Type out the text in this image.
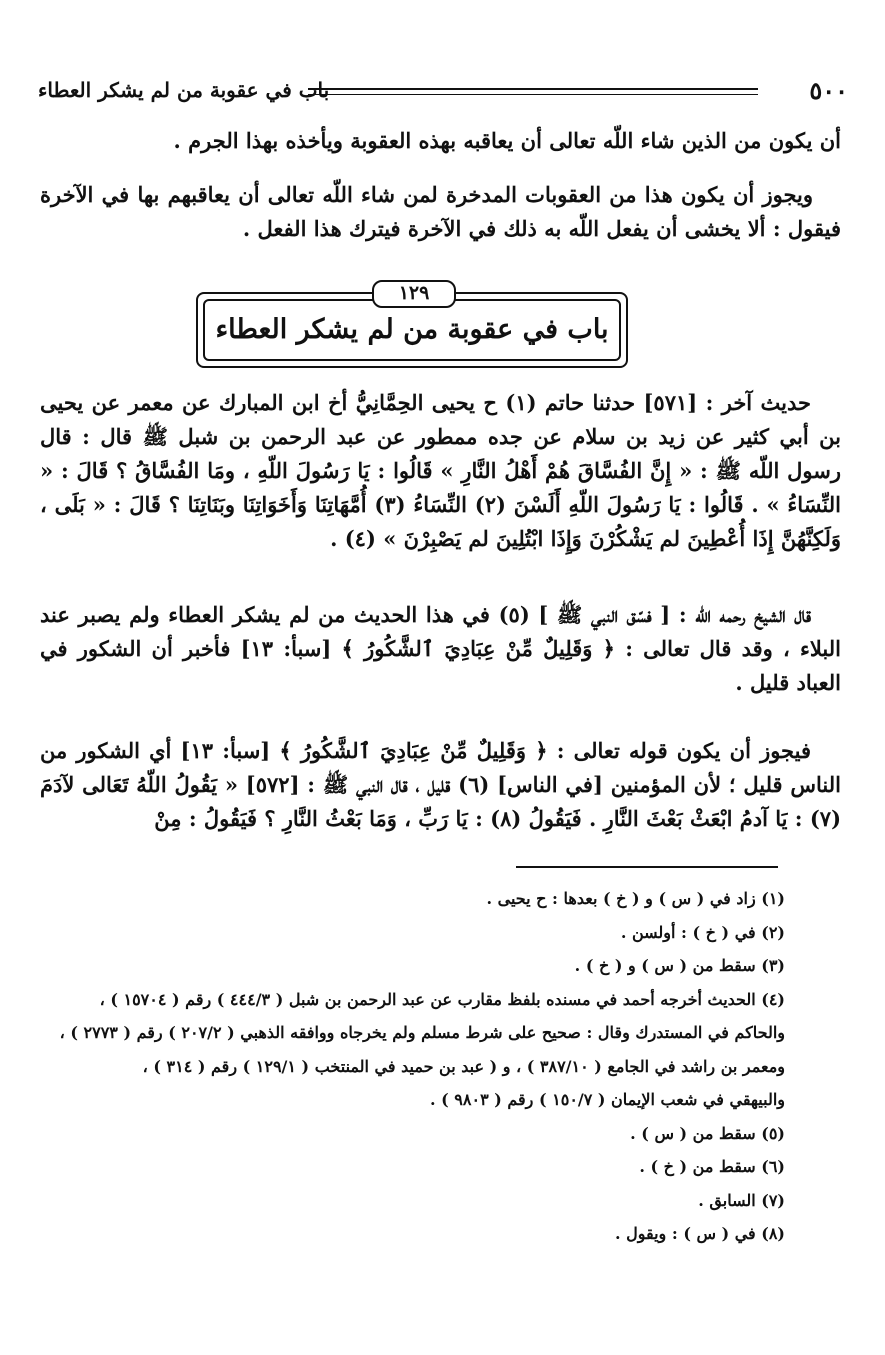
٥٠٠
باب في عقوبة من لم يشكر العطاء
أن يكون من الذين شاء اللّه تعالى أن يعاقبه بهذه العقوبة ويأخذه بهذا الجرم .
ويجوز أن يكون هذا من العقوبات المدخرة لمن شاء اللّه تعالى أن يعاقبهم بها في الآخرة فيقول : ألا يخشى أن يفعل اللّه به ذلك في الآخرة فيترك هذا الفعل .
١٢٩
باب في عقوبة من لم يشكر العطاء
حديث آخر : [٥٧١] حدثنا حاتم (١) ح يحيى الحِمَّانِيُّ أخ ابن المبارك عن معمر عن يحيى بن أبي كثير عن زيد بن سلام عن جده ممطور عن عبد الرحمن بن شبل ﷺ قال : قال رسول اللّه ﷺ : « إِنَّ الفُسَّاقَ هُمْ أَهْلُ النَّارِ » قَالُوا : يَا رَسُولَ اللّهِ ، ومَا الفُسَّاقُ ؟ قَالَ : « النِّسَاءُ » . قَالُوا : يَا رَسُولَ اللّهِ أَلَسْنَ (٢) النِّسَاءُ (٣) أُمَّهَاتِنَا وَأَخَوَاتِنَا وبَنَاتِنَا ؟ قَالَ : « بَلَى ، وَلَكِنَّهُنَّ إِذَا أُعْطِينَ لم يَشْكُرْنَ وَإِذَا ابْتُلِينَ لم يَصْبِرْنَ » (٤) .
قال الشيخ رحمه الله : [ فسّق النبي ﷺ ] (٥) في هذا الحديث من لم يشكر العطاء ولم يصبر عند البلاء ، وقد قال تعالى : ﴿ وَقَلِيلٌ مِّنْ عِبَادِيَ ٱلشَّكُورُ ﴾ [سبأ: ١٣] فأخبر أن الشكور في العباد قليل .
فيجوز أن يكون قوله تعالى : ﴿ وَقَلِيلٌ مِّنْ عِبَادِيَ ٱلشَّكُورُ ﴾ [سبأ: ١٣] أي الشكور من الناس قليل ؛ لأن المؤمنين [في الناس] (٦) قليل ، قال النبي ﷺ : [٥٧٢] « يَقُولُ اللّهُ تَعَالى لآدَمَ (٧) : يَا آدمُ ابْعَثْ بَعْثَ النَّارِ . فَيَقُولُ (٨) : يَا رَبِّ ، وَمَا بَعْثُ النَّارِ ؟ فَيَقُولُ : مِنْ
(١) زاد في ( س ) و ( خ ) بعدها : ح يحيى .
(٢) في ( خ ) : أولسن .
(٣) سقط من ( س ) و ( خ ) .
(٤) الحديث أخرجه أحمد في مسنده بلفظ مقارب عن عبد الرحمن بن شبل ( ٤٤٤/٣ ) رقم ( ١٥٧٠٤ ) ،
والحاكم في المستدرك وقال : صحيح على شرط مسلم ولم يخرجاه ووافقه الذهبي ( ٢٠٧/٢ ) رقم ( ٢٧٧٣ ) ،
ومعمر بن راشد في الجامع ( ٣٨٧/١٠ ) ، و ( عبد بن حميد في المنتخب ( ١٢٩/١ ) رقم ( ٣١٤ ) ،
والبيهقي في شعب الإيمان ( ١٥٠/٧ ) رقم ( ٩٨٠٣ ) .
(٥) سقط من ( س ) .
(٦) سقط من ( خ ) .
(٧) السابق .
(٨) في ( س ) : ويقول .
